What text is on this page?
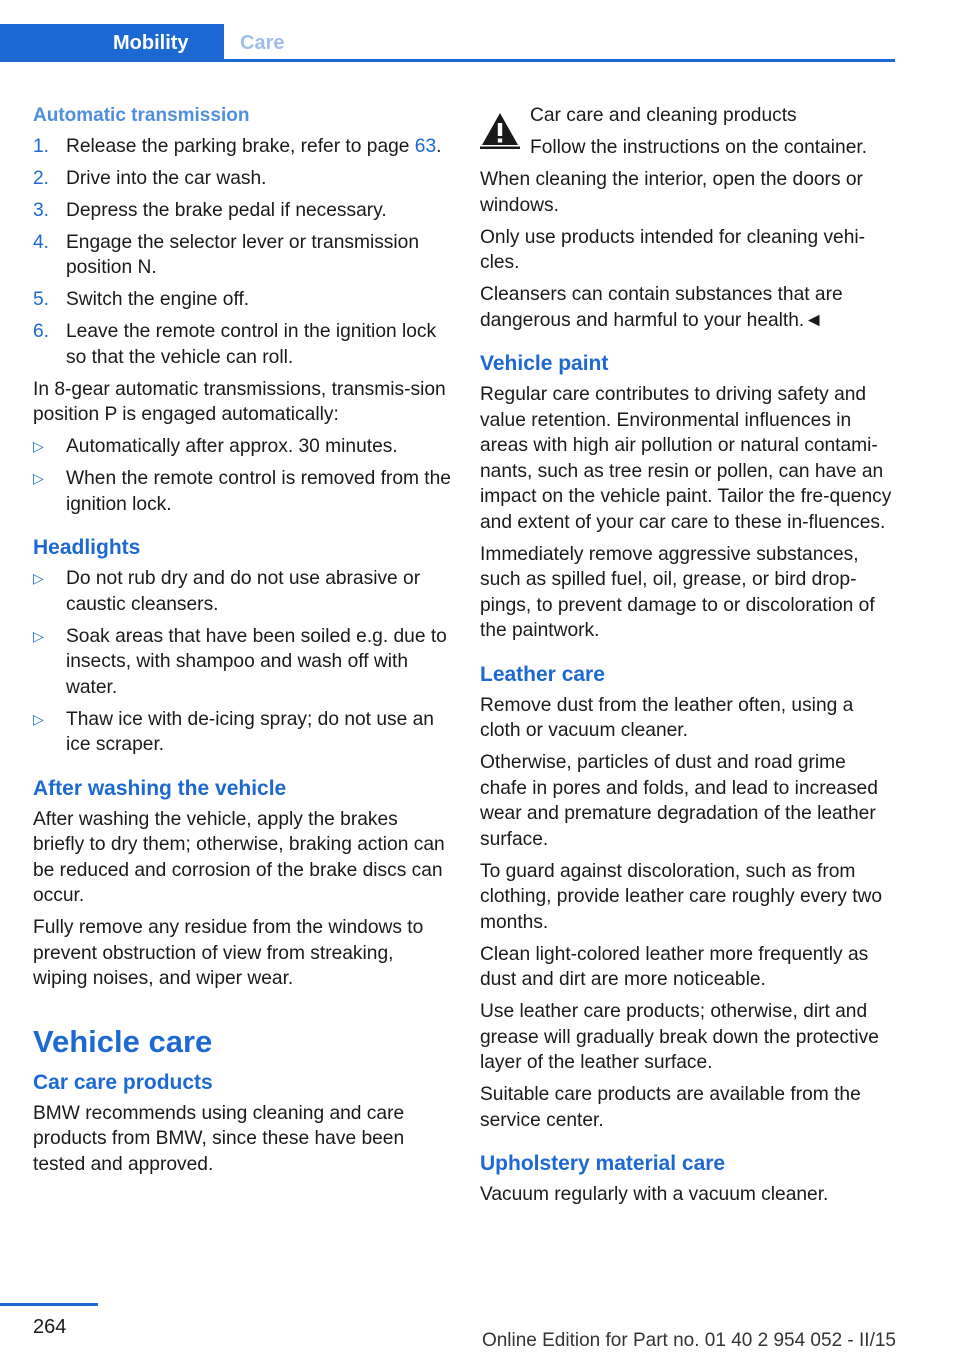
Mobility	Care
Automatic transmission
1. Release the parking brake, refer to page 63.
2. Drive into the car wash.
3. Depress the brake pedal if necessary.
4. Engage the selector lever or transmission position N.
5. Switch the engine off.
6. Leave the remote control in the ignition lock so that the vehicle can roll.

In 8-gear automatic transmissions, transmis‐sion position P is engaged automatically:

▷ Automatically after approx. 30 minutes.
▷ When the remote control is removed from the ignition lock.
Headlights
▷ Do not rub dry and do not use abrasive or caustic cleansers.
▷ Soak areas that have been soiled e.g. due to insects, with shampoo and wash off with water.
▷ Thaw ice with de-icing spray; do not use an ice scraper.
After washing the vehicle

After washing the vehicle, apply the brakes briefly to dry them; otherwise, braking action can be reduced and corrosion of the brake discs can occur.

Fully remove any residue from the windows to prevent obstruction of view from streaking, wiping noises, and wiper wear.

Vehicle care
Car care products

BMW recommends using cleaning and care products from BMW, since these have been tested and approved.

Car care and cleaning products

Follow the instructions on the container.

When cleaning the interior, open the doors or windows.

Only use products intended for cleaning vehi‐cles.

Cleansers can contain substances that are dangerous and harmful to your health.◄

Vehicle paint

Regular care contributes to driving safety and value retention. Environmental influences in areas with high air pollution or natural contami‐nants, such as tree resin or pollen, can have an impact on the vehicle paint. Tailor the fre‐quency and extent of your car care to these in‐fluences.

Immediately remove aggressive substances, such as spilled fuel, oil, grease, or bird drop‐pings, to prevent damage to or discoloration of the paintwork.

Leather care

Remove dust from the leather often, using a cloth or vacuum cleaner.

Otherwise, particles of dust and road grime chafe in pores and folds, and lead to increased wear and premature degradation of the leather surface.

To guard against discoloration, such as from clothing, provide leather care roughly every two months.

Clean light-colored leather more frequently as dust and dirt are more noticeable.

Use leather care products; otherwise, dirt and grease will gradually break down the protective layer of the leather surface.

Suitable care products are available from the service center.

Upholstery material care

Vacuum regularly with a vacuum cleaner.

264
Online Edition for Part no. 01 40 2 954 052 - II/15
